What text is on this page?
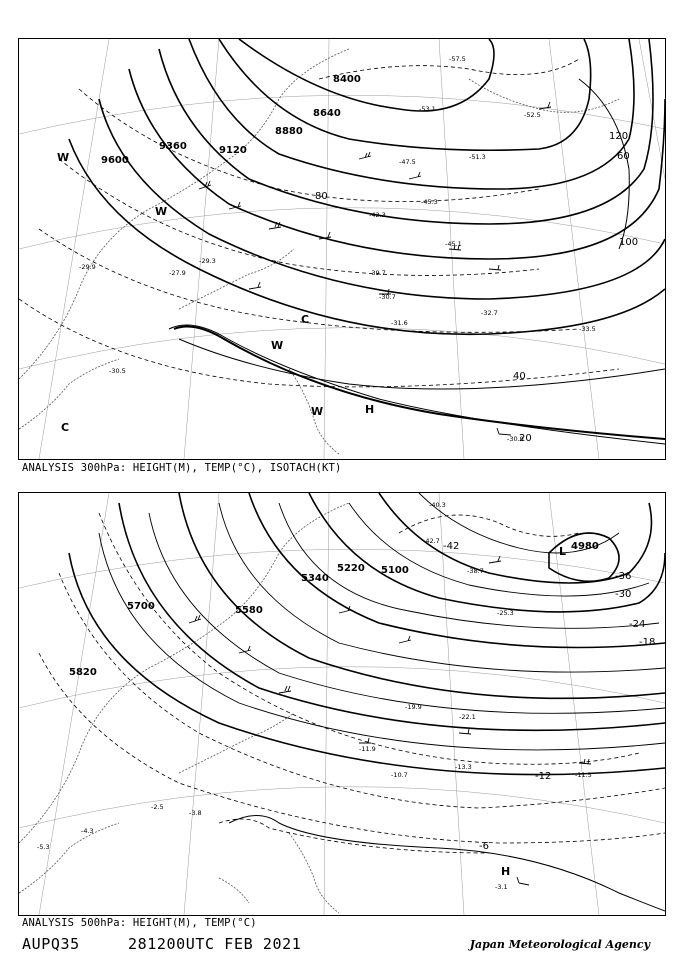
8400
8640
8880
9120
9360
9600
20
40
60
80
100
120
W
W
W
W
C
C
H
-57.5
-53.1
-52.5
-51.3
-47.5
-45.3
-45.1
-42.3
-39.7
-30.7
-29.9
-29.3
-27.9
-30.5
-32.7
-33.5
-31.6
-30.9
ANALYSIS 300hPa: HEIGHT(M), TEMP(°C), ISOTACH(KT)
4980
5100
5220
5340
5580
5700
5820
-42
-36
-30
-24
-18
-12
-6
L
H
-40.3
-42.7
-38.7
-25.3
-22.1
-19.9
-13.3
-11.5
-10.7
-11.9
-3.8
-2.5
-4.3
-5.3
-3.1
ANALYSIS 500hPa: HEIGHT(M), TEMP(°C)
AUPQ35	281200UTC FEB 2021	Japan Meteorological Agency
